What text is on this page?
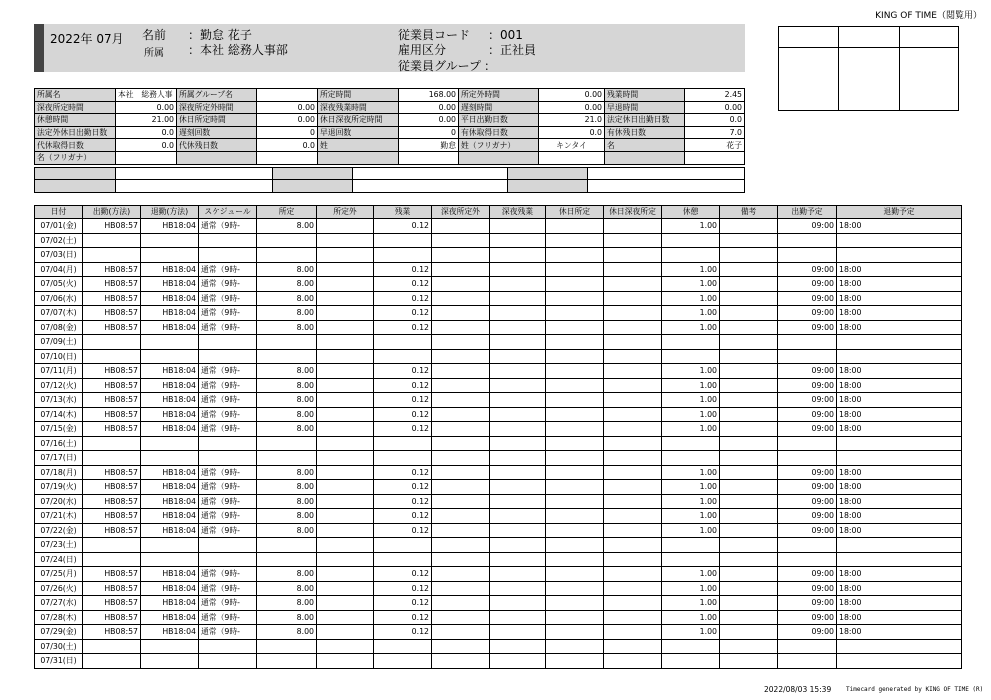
KING OF TIME（閲覧用）
2022年 07月 名前 ：勤怠 花子
所属 ：本社 総務人事部
従業員コード ：001
雇用区分	：正社員
従業員グループ ：
所属名	本社　総務人事	所属グループ名		所定時間	168.00	所定外時間	0.00	残業時間	2.45
深夜所定時間	0.00	深夜所定外時間	0.00	深夜残業時間	0.00	遅刻時間	0.00	早退時間	0.00
休憩時間	21.00	休日所定時間	0.00	休日深夜所定時間	0.00	平日出勤日数	21.0	法定休日出勤日数	0.0
法定外休日出勤日数	0.0	遅刻回数	0	早退回数	0	有休取得日数	0.0	有休残日数	7.0
代休取得日数	0.0	代休残日数	0.0	姓	勤怠	姓（フリガナ）	キンタイ	名	花子
名（フリガナ）									

日付	出勤(方法)	退勤(方法)	スケジュール	所定	所定外	残業	深夜所定外	深夜残業	休日所定	休日深夜所定	休憩	備考	出勤予定	退勤予定
07/01(金)	HB08:57	HB18:04	通常（9時-	8.00		0.12					1.00		09:00	18:00
07/02(土)														
07/03(日)														
07/04(月)	HB08:57	HB18:04	通常（9時-	8.00		0.12					1.00		09:00	18:00
07/05(火)	HB08:57	HB18:04	通常（9時-	8.00		0.12					1.00		09:00	18:00
07/06(水)	HB08:57	HB18:04	通常（9時-	8.00		0.12					1.00		09:00	18:00
07/07(木)	HB08:57	HB18:04	通常（9時-	8.00		0.12					1.00		09:00	18:00
07/08(金)	HB08:57	HB18:04	通常（9時-	8.00		0.12					1.00		09:00	18:00
07/09(土)														
07/10(日)														
07/11(月)	HB08:57	HB18:04	通常（9時-	8.00		0.12					1.00		09:00	18:00
07/12(火)	HB08:57	HB18:04	通常（9時-	8.00		0.12					1.00		09:00	18:00
07/13(水)	HB08:57	HB18:04	通常（9時-	8.00		0.12					1.00		09:00	18:00
07/14(木)	HB08:57	HB18:04	通常（9時-	8.00		0.12					1.00		09:00	18:00
07/15(金)	HB08:57	HB18:04	通常（9時-	8.00		0.12					1.00		09:00	18:00
07/16(土)														
07/17(日)														
07/18(月)	HB08:57	HB18:04	通常（9時-	8.00		0.12					1.00		09:00	18:00
07/19(火)	HB08:57	HB18:04	通常（9時-	8.00		0.12					1.00		09:00	18:00
07/20(水)	HB08:57	HB18:04	通常（9時-	8.00		0.12					1.00		09:00	18:00
07/21(木)	HB08:57	HB18:04	通常（9時-	8.00		0.12					1.00		09:00	18:00
07/22(金)	HB08:57	HB18:04	通常（9時-	8.00		0.12					1.00		09:00	18:00
07/23(土)														
07/24(日)														
07/25(月)	HB08:57	HB18:04	通常（9時-	8.00		0.12					1.00		09:00	18:00
07/26(火)	HB08:57	HB18:04	通常（9時-	8.00		0.12					1.00		09:00	18:00
07/27(水)	HB08:57	HB18:04	通常（9時-	8.00		0.12					1.00		09:00	18:00
07/28(木)	HB08:57	HB18:04	通常（9時-	8.00		0.12					1.00		09:00	18:00
07/29(金)	HB08:57	HB18:04	通常（9時-	8.00		0.12					1.00		09:00	18:00
07/30(土)														
07/31(日)														
2022/08/03 15:39 Timecard generated by KING OF TIME (R)
